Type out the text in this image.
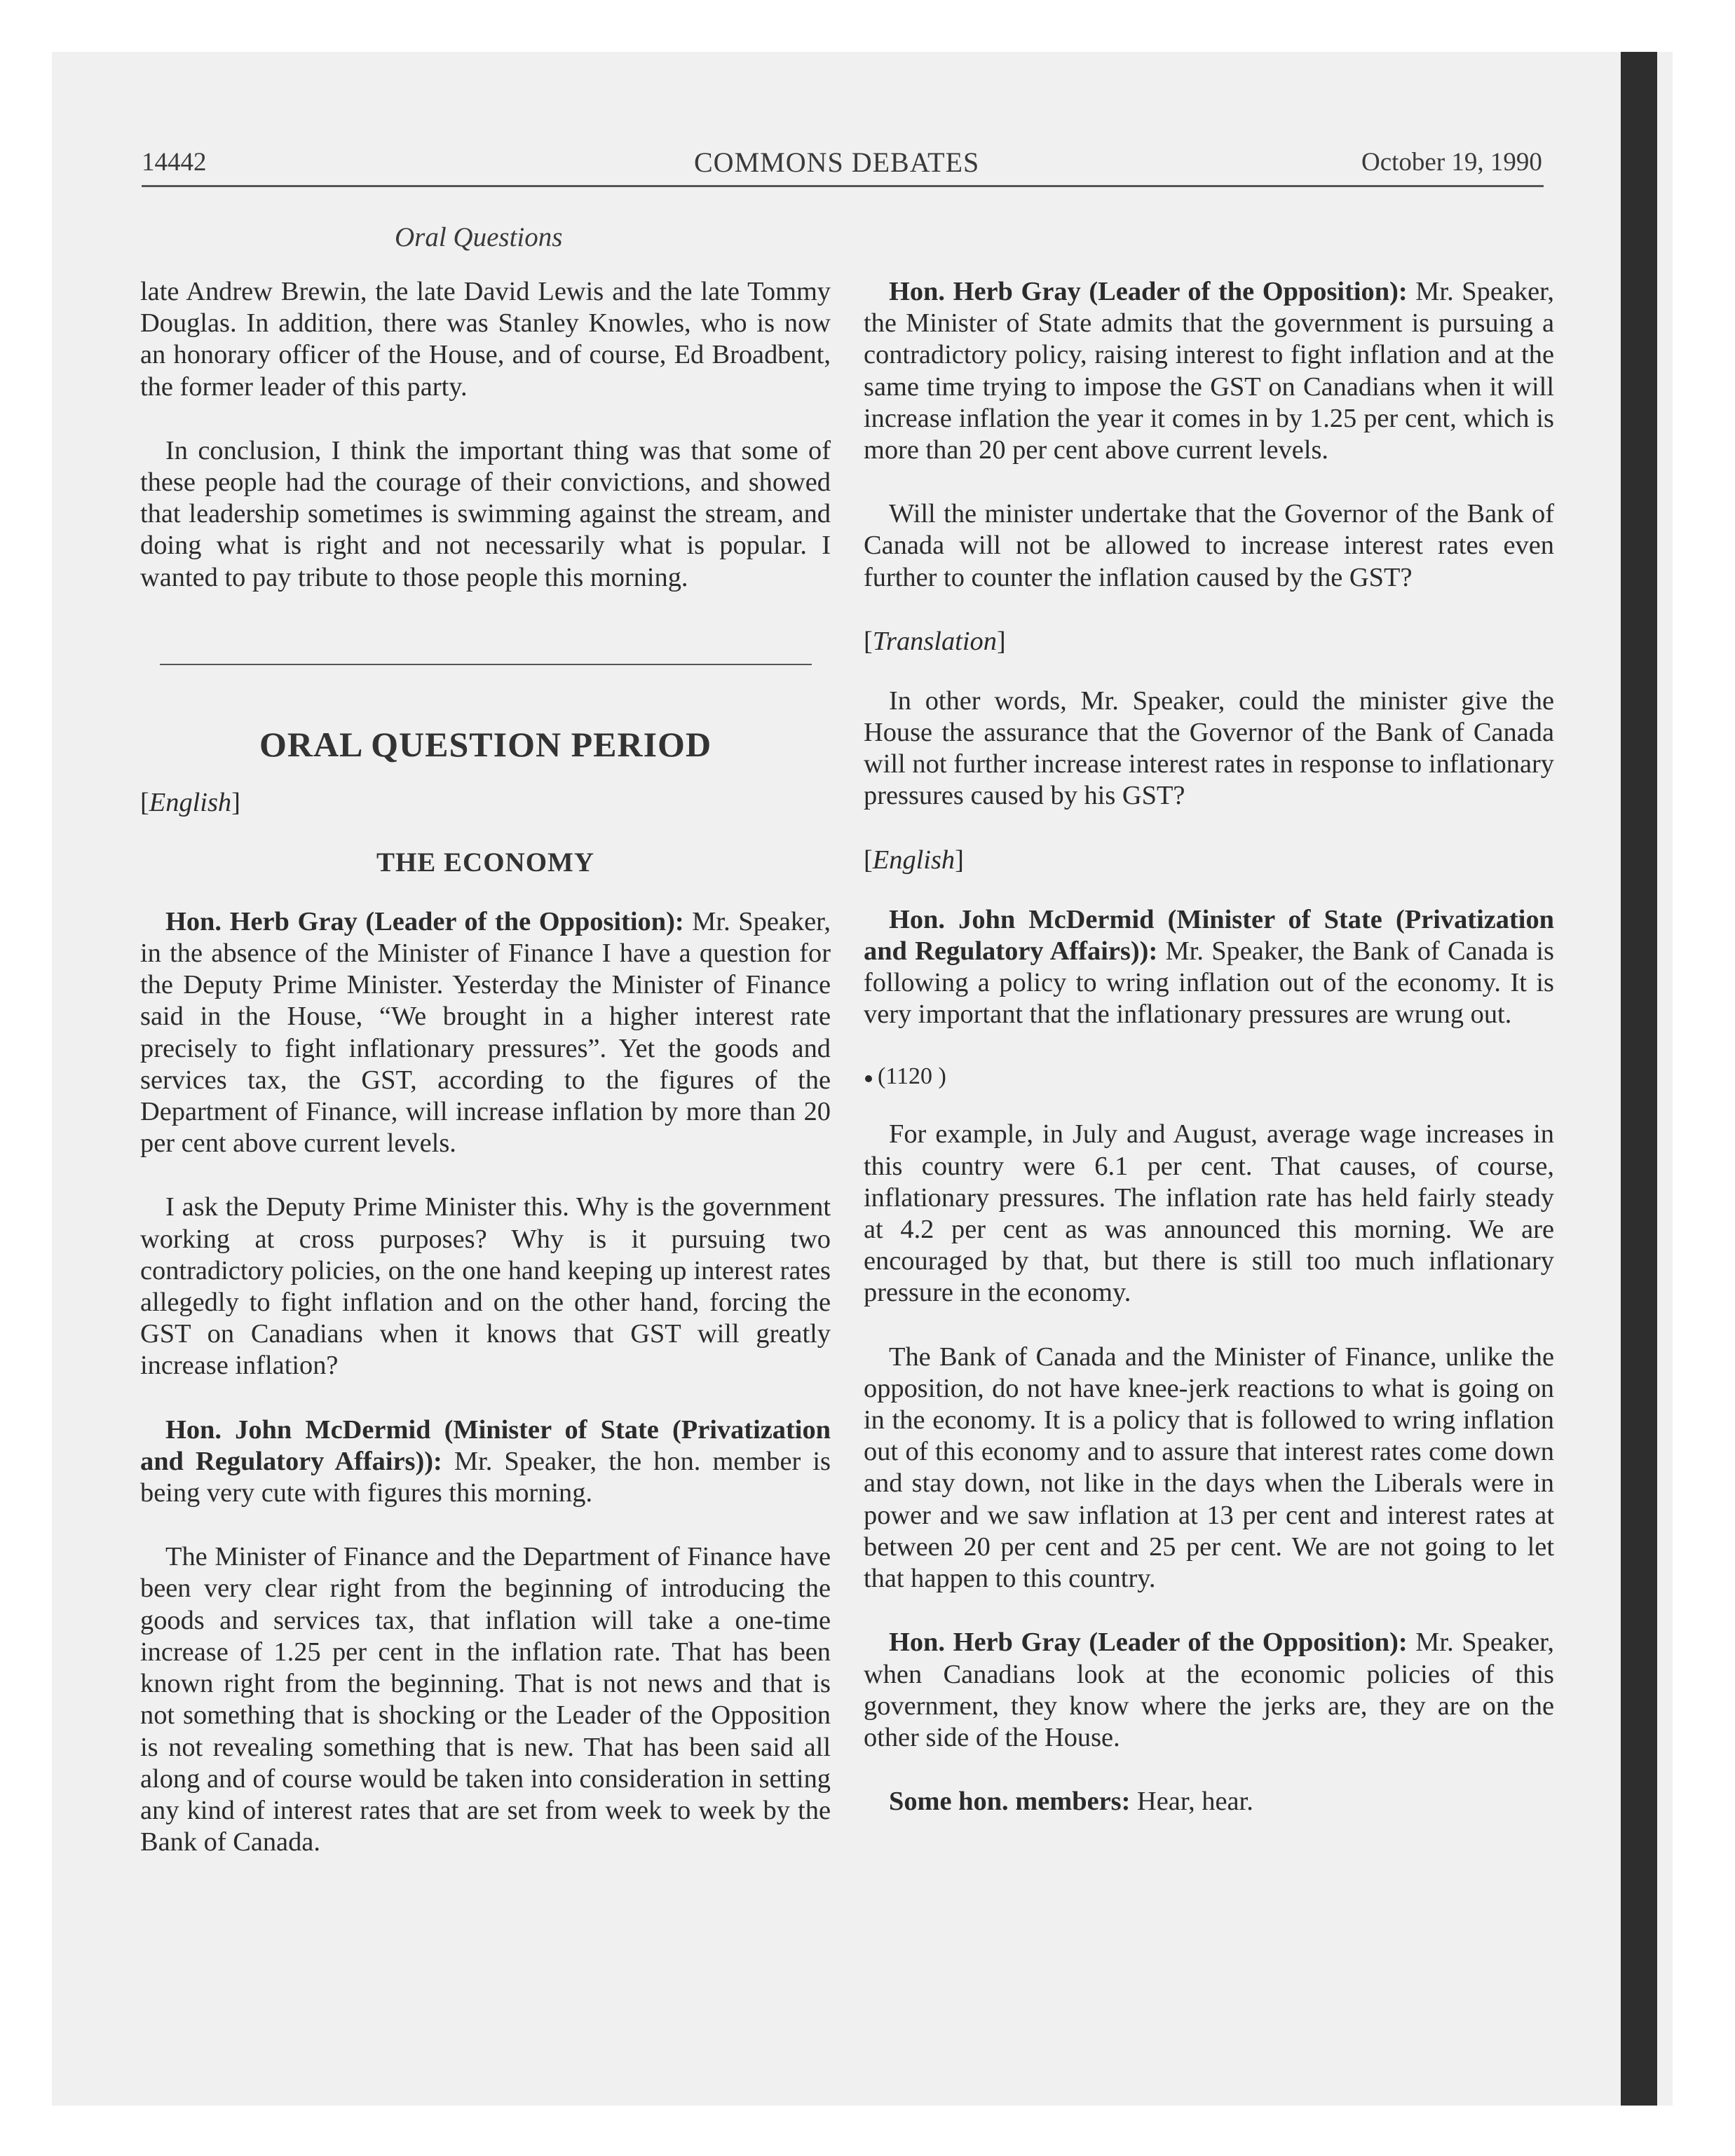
14442	COMMONS DEBATES	October 19, 1990
Oral Questions

late Andrew Brewin, the late David Lewis and the late Tommy Douglas. In addition, there was Stanley Knowles, who is now an honorary officer of the House, and of course, Ed Broadbent, the former leader of this party.

In conclusion, I think the important thing was that some of these people had the courage of their convictions, and showed that leadership sometimes is swimming against the stream, and doing what is right and not necessarily what is popular. I wanted to pay tribute to those people this morning.

ORAL QUESTION PERIOD
[English]
THE ECONOMY

Hon. Herb Gray (Leader of the Opposition): Mr. Speaker, in the absence of the Minister of Finance I have a question for the Deputy Prime Minister. Yesterday the Minister of Finance said in the House, “We brought in a higher interest rate precisely to fight inflationary pressures”. Yet the goods and services tax, the GST, according to the figures of the Department of Finance, will increase inflation by more than 20 per cent above current levels.

I ask the Deputy Prime Minister this. Why is the government working at cross purposes? Why is it pursuing two contradictory policies, on the one hand keeping up interest rates allegedly to fight inflation and on the other hand, forcing the GST on Canadians when it knows that GST will greatly increase inflation?

Hon. John McDermid (Minister of State (Privatization and Regulatory Affairs)): Mr. Speaker, the hon. member is being very cute with figures this morning.

The Minister of Finance and the Department of Finance have been very clear right from the beginning of introducing the goods and services tax, that inflation will take a one-time increase of 1.25 per cent in the inflation rate. That has been known right from the beginning. That is not news and that is not something that is shocking or the Leader of the Opposition is not revealing something that is new. That has been said all along and of course would be taken into consideration in setting any kind of interest rates that are set from week to week by the Bank of Canada.

Hon. Herb Gray (Leader of the Opposition): Mr. Speaker, the Minister of State admits that the government is pursuing a contradictory policy, raising interest to fight inflation and at the same time trying to impose the GST on Canadians when it will increase inflation the year it comes in by 1.25 per cent, which is more than 20 per cent above current levels.

Will the minister undertake that the Governor of the Bank of Canada will not be allowed to increase interest rates even further to counter the inflation caused by the GST?

[Translation]

In other words, Mr. Speaker, could the minister give the House the assurance that the Governor of the Bank of Canada will not further increase interest rates in response to inflationary pressures caused by his GST?

[English]

Hon. John McDermid (Minister of State (Privatization and Regulatory Affairs)): Mr. Speaker, the Bank of Canada is following a policy to wring inflation out of the economy. It is very important that the inflationary pressures are wrung out.

(1120 )

For example, in July and August, average wage increases in this country were 6.1 per cent. That causes, of course, inflationary pressures. The inflation rate has held fairly steady at 4.2 per cent as was announced this morning. We are encouraged by that, but there is still too much inflationary pressure in the economy.

The Bank of Canada and the Minister of Finance, unlike the opposition, do not have knee-jerk reactions to what is going on in the economy. It is a policy that is followed to wring inflation out of this economy and to assure that interest rates come down and stay down, not like in the days when the Liberals were in power and we saw inflation at 13 per cent and interest rates at between 20 per cent and 25 per cent. We are not going to let that happen to this country.

Hon. Herb Gray (Leader of the Opposition): Mr. Speaker, when Canadians look at the economic policies of this government, they know where the jerks are, they are on the other side of the House.

Some hon. members: Hear, hear.
